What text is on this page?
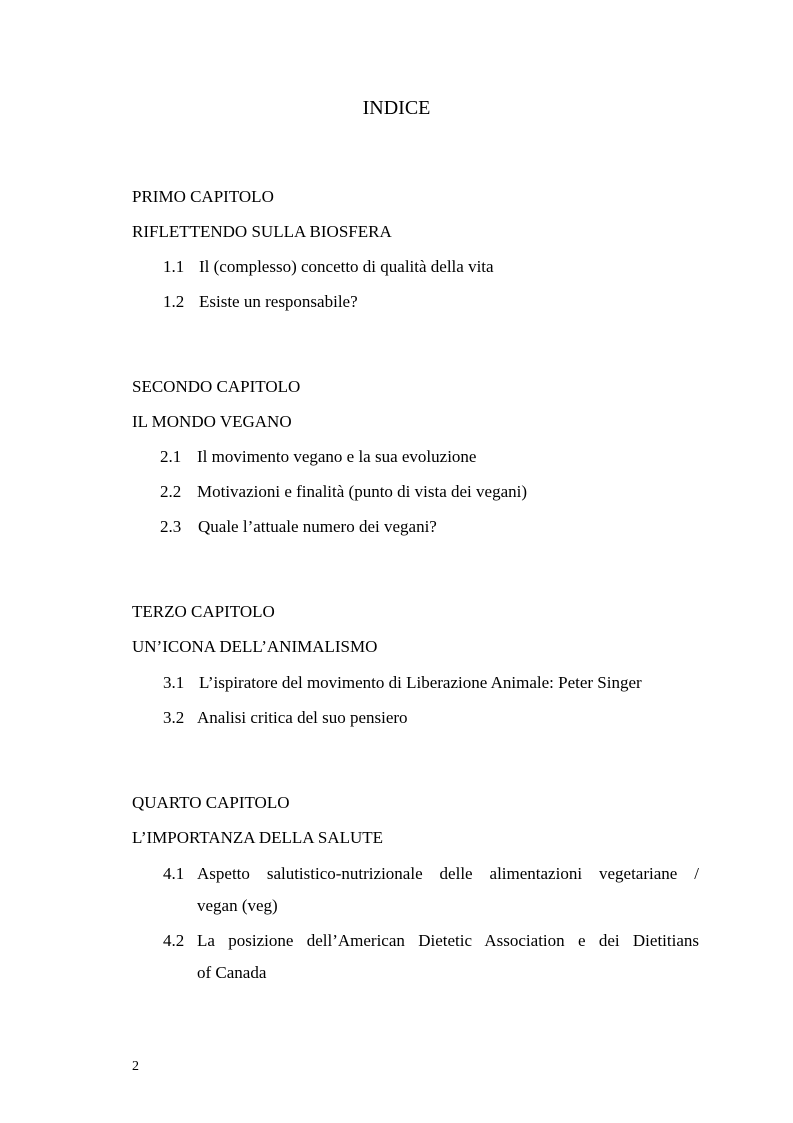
INDICE
PRIMO CAPITOLO
RIFLETTENDO SULLA BIOSFERA
1.1 Il (complesso) concetto di qualità della vita
1.2 Esiste un responsabile?
SECONDO CAPITOLO
IL MONDO VEGANO
2.1 Il movimento vegano e la sua evoluzione
2.2 Motivazioni e finalità (punto di vista dei vegani)
2.3 Quale l’attuale numero dei vegani?
TERZO CAPITOLO
UN’ICONA DELL’ANIMALISMO
3.1 L’ispiratore del movimento di Liberazione Animale: Peter Singer
3.2 Analisi critica del suo pensiero
QUARTO CAPITOLO
L’IMPORTANZA DELLA SALUTE
4.1 Aspetto salutistico-nutrizionale delle alimentazioni vegetariane /
vegan (veg)
4.2 La posizione dell’American Dietetic Association e dei Dietitians
of Canada
2
